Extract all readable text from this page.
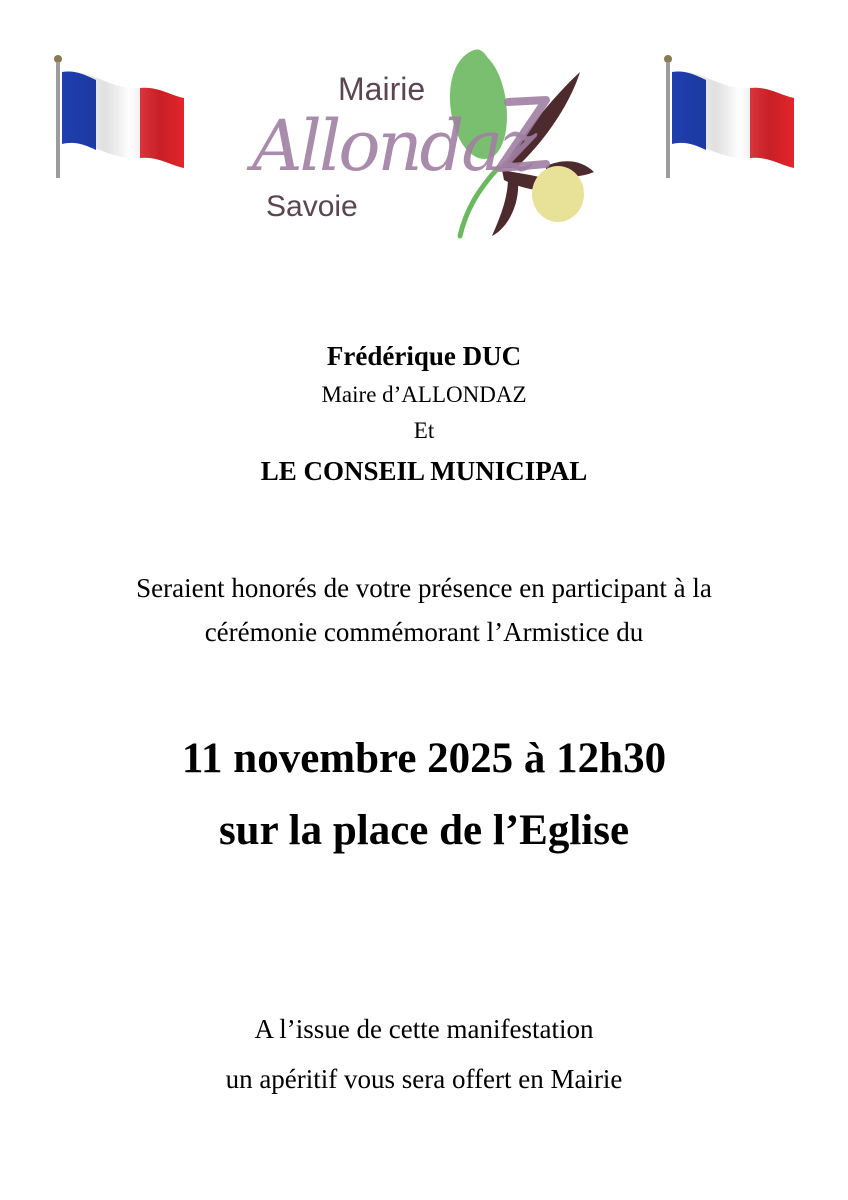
Mairie
Allondaz
Savoie
Frédérique DUC
Maire d’ALLONDAZ
Et
LE CONSEIL MUNICIPAL
Seraient honorés de votre présence en participant à la
cérémonie commémorant l’Armistice du
11 novembre 2025 à 12h30
sur la place de l’Eglise
A l’issue de cette manifestation
un apéritif vous sera offert en Mairie
